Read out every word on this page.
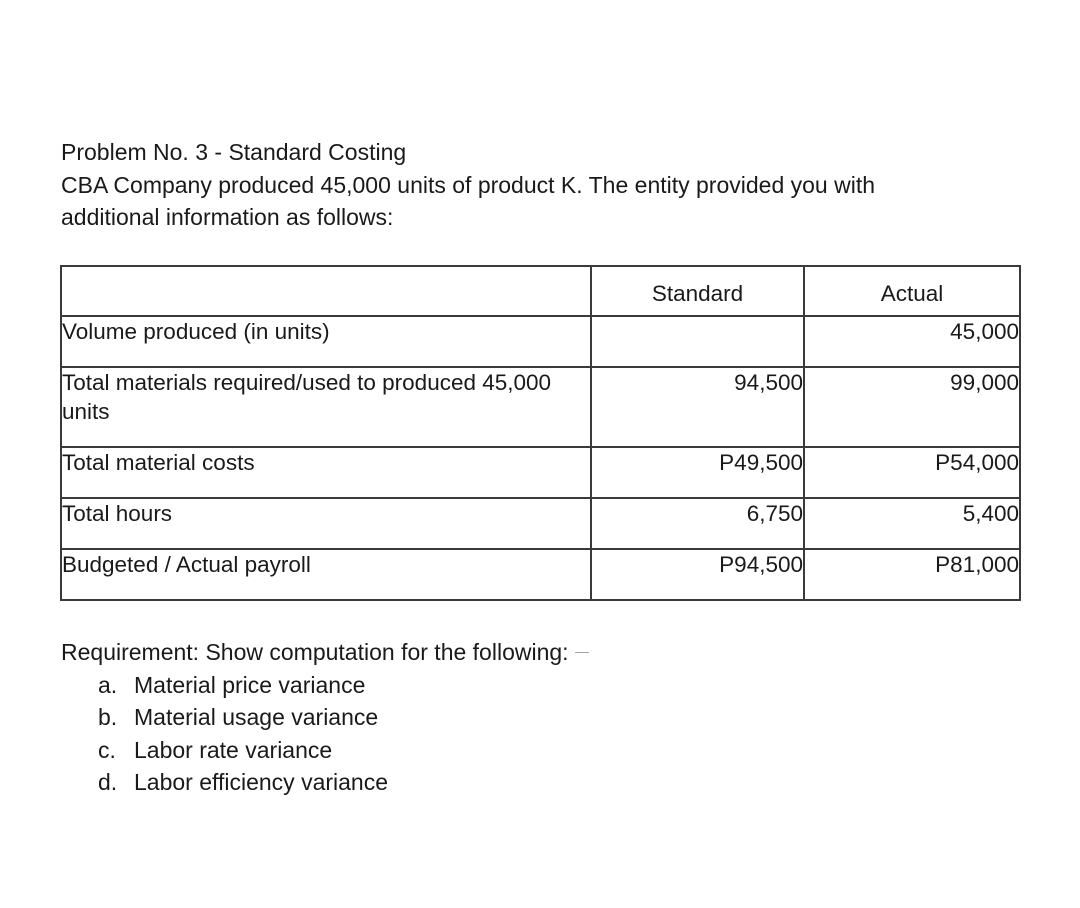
Problem No. 3 - Standard Costing
CBA Company produced 45,000 units of product K. The entity provided you with
additional information as follows:
	Standard	Actual
Volume produced (in units)		45,000
Total materials required/used to produced 45,000 units	94,500	99,000
Total material costs	P49,500	P54,000
Total hours	6,750	5,400
Budgeted / Actual payroll	P94,500	P81,000
Requirement: Show computation for the following:
a. Material price variance
b. Material usage variance
c. Labor rate variance
d. Labor efficiency variance
